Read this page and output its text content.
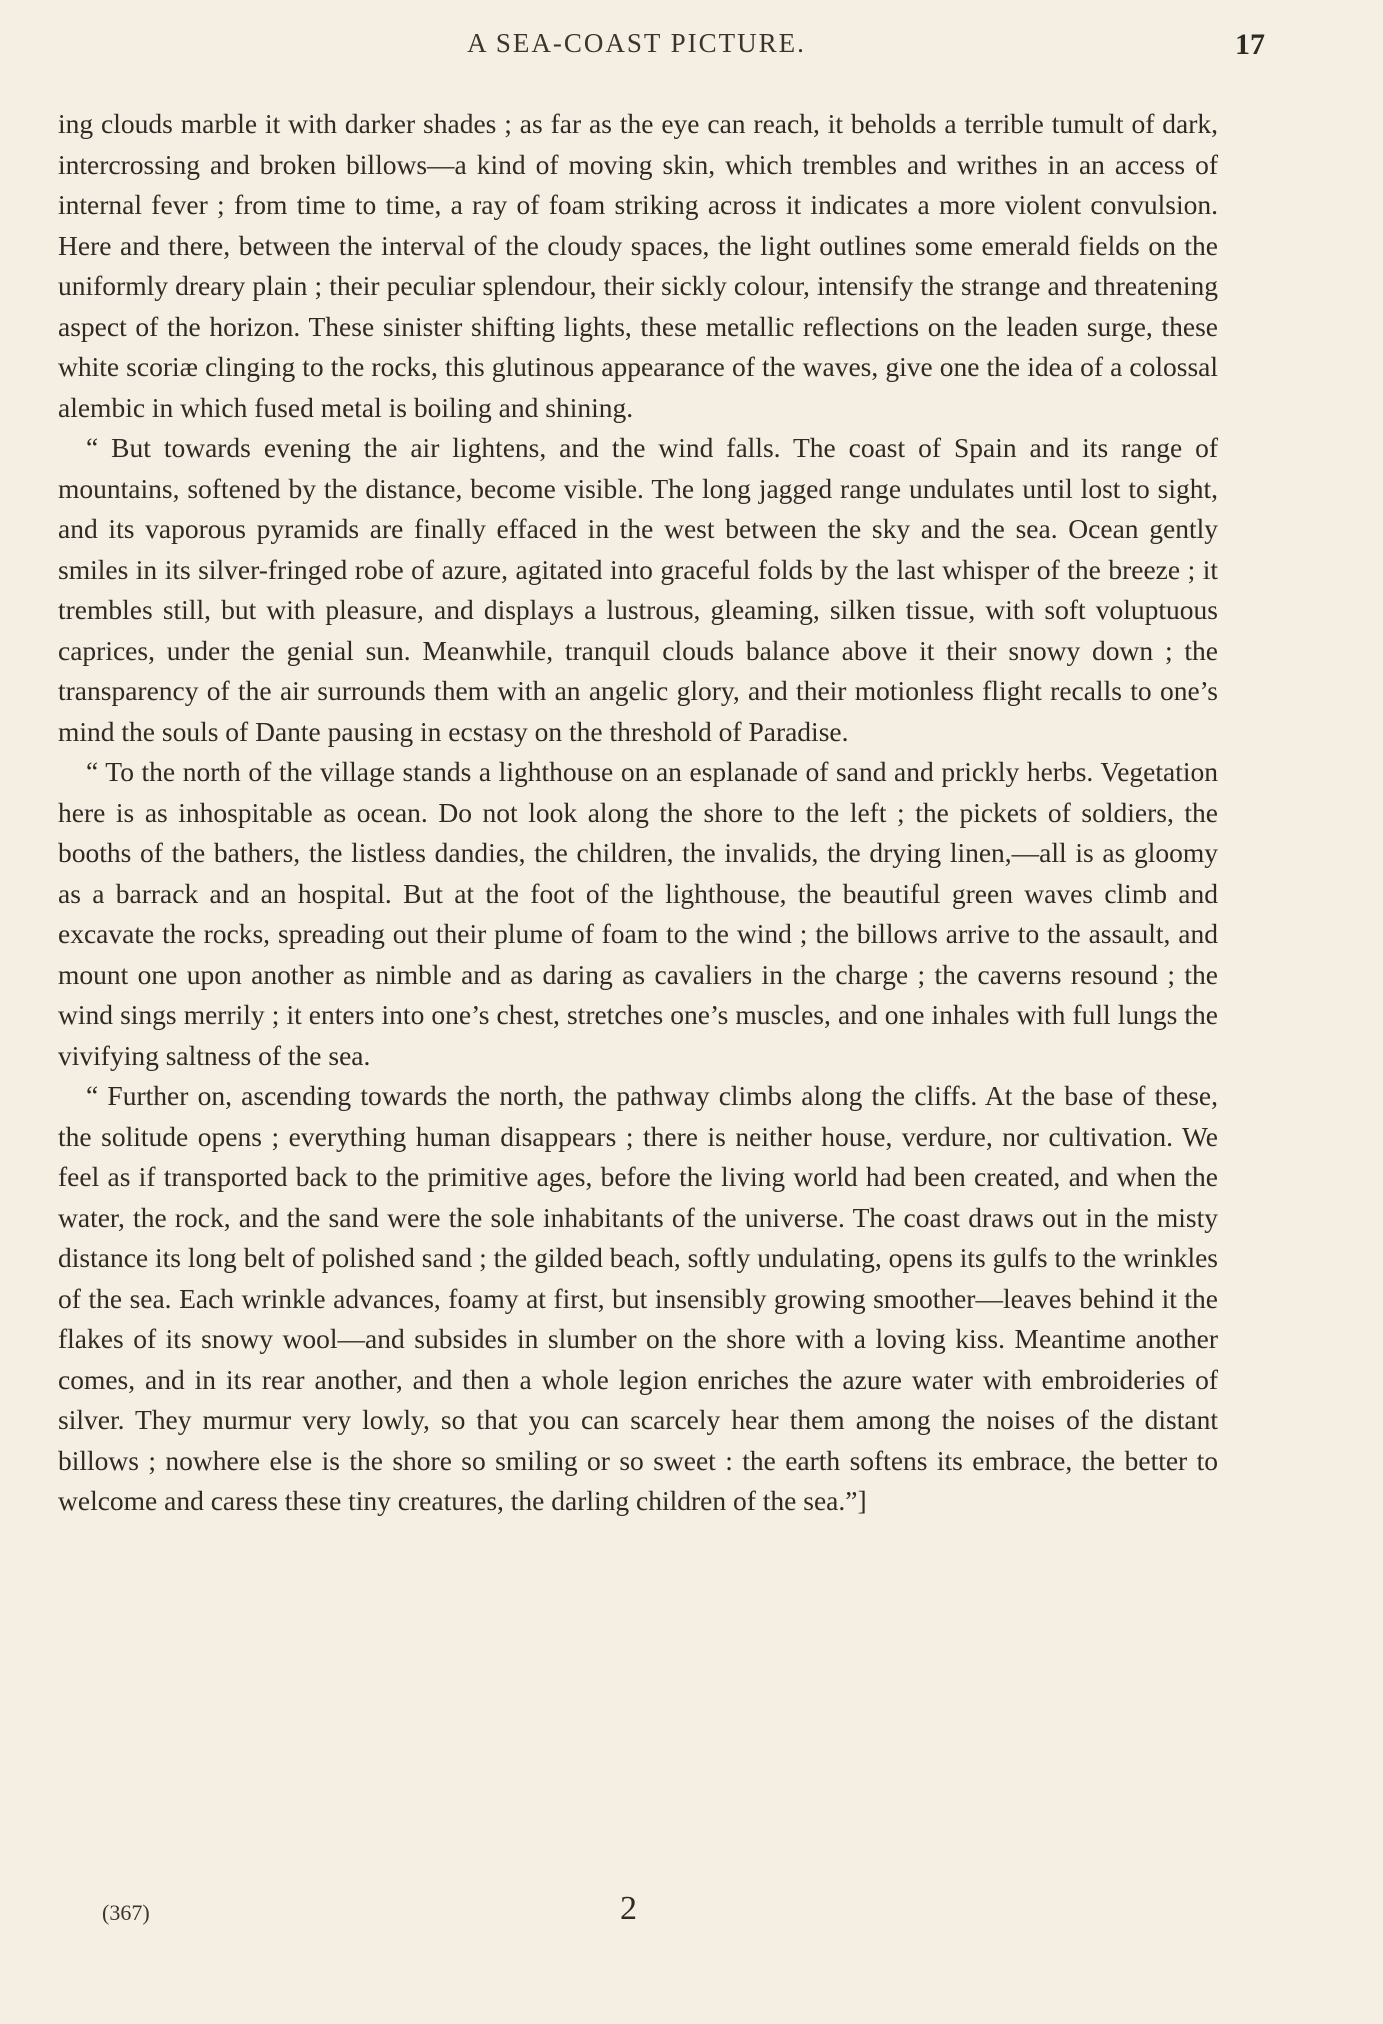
A SEA-COAST PICTURE.	17

ing clouds marble it with darker shades ; as far as the eye can reach, it beholds a terrible tumult of dark, intercrossing and broken billows—a kind of moving skin, which trembles and writhes in an access of internal fever ; from time to time, a ray of foam striking across it indicates a more violent convulsion. Here and there, between the interval of the cloudy spaces, the light outlines some emerald fields on the uniformly dreary plain ; their peculiar splendour, their sickly colour, intensify the strange and threatening aspect of the horizon. These sinister shifting lights, these metallic reflections on the leaden surge, these white scoriæ clinging to the rocks, this glutinous appearance of the waves, give one the idea of a colossal alembic in which fused metal is boiling and shining.

“ But towards evening the air lightens, and the wind falls. The coast of Spain and its range of mountains, softened by the distance, become visible. The long jagged range undulates until lost to sight, and its vaporous pyramids are finally effaced in the west between the sky and the sea. Ocean gently smiles in its silver-fringed robe of azure, agitated into graceful folds by the last whisper of the breeze ; it trembles still, but with pleasure, and displays a lustrous, gleaming, silken tissue, with soft voluptuous caprices, under the genial sun. Meanwhile, tranquil clouds balance above it their snowy down ; the transparency of the air surrounds them with an angelic glory, and their motionless flight recalls to one’s mind the souls of Dante pausing in ecstasy on the threshold of Paradise.

“ To the north of the village stands a lighthouse on an esplanade of sand and prickly herbs. Vegetation here is as inhospitable as ocean. Do not look along the shore to the left ; the pickets of soldiers, the booths of the bathers, the listless dandies, the children, the invalids, the drying linen,—all is as gloomy as a barrack and an hospital. But at the foot of the lighthouse, the beautiful green waves climb and excavate the rocks, spreading out their plume of foam to the wind ; the billows arrive to the assault, and mount one upon another as nimble and as daring as cavaliers in the charge ; the caverns resound ; the wind sings merrily ; it enters into one’s chest, stretches one’s muscles, and one inhales with full lungs the vivifying saltness of the sea.

“ Further on, ascending towards the north, the pathway climbs along the cliffs. At the base of these, the solitude opens ; everything human disappears ; there is neither house, verdure, nor cultivation. We feel as if transported back to the primitive ages, before the living world had been created, and when the water, the rock, and the sand were the sole inhabitants of the universe. The coast draws out in the misty distance its long belt of polished sand ; the gilded beach, softly undulating, opens its gulfs to the wrinkles of the sea. Each wrinkle advances, foamy at first, but insensibly growing smoother—leaves behind it the flakes of its snowy wool—and subsides in slumber on the shore with a loving kiss. Meantime another comes, and in its rear another, and then a whole legion enriches the azure water with embroideries of silver. They murmur very lowly, so that you can scarcely hear them among the noises of the distant billows ; nowhere else is the shore so smiling or so sweet : the earth softens its embrace, the better to welcome and caress these tiny creatures, the darling children of the sea.”]

(367)	2
